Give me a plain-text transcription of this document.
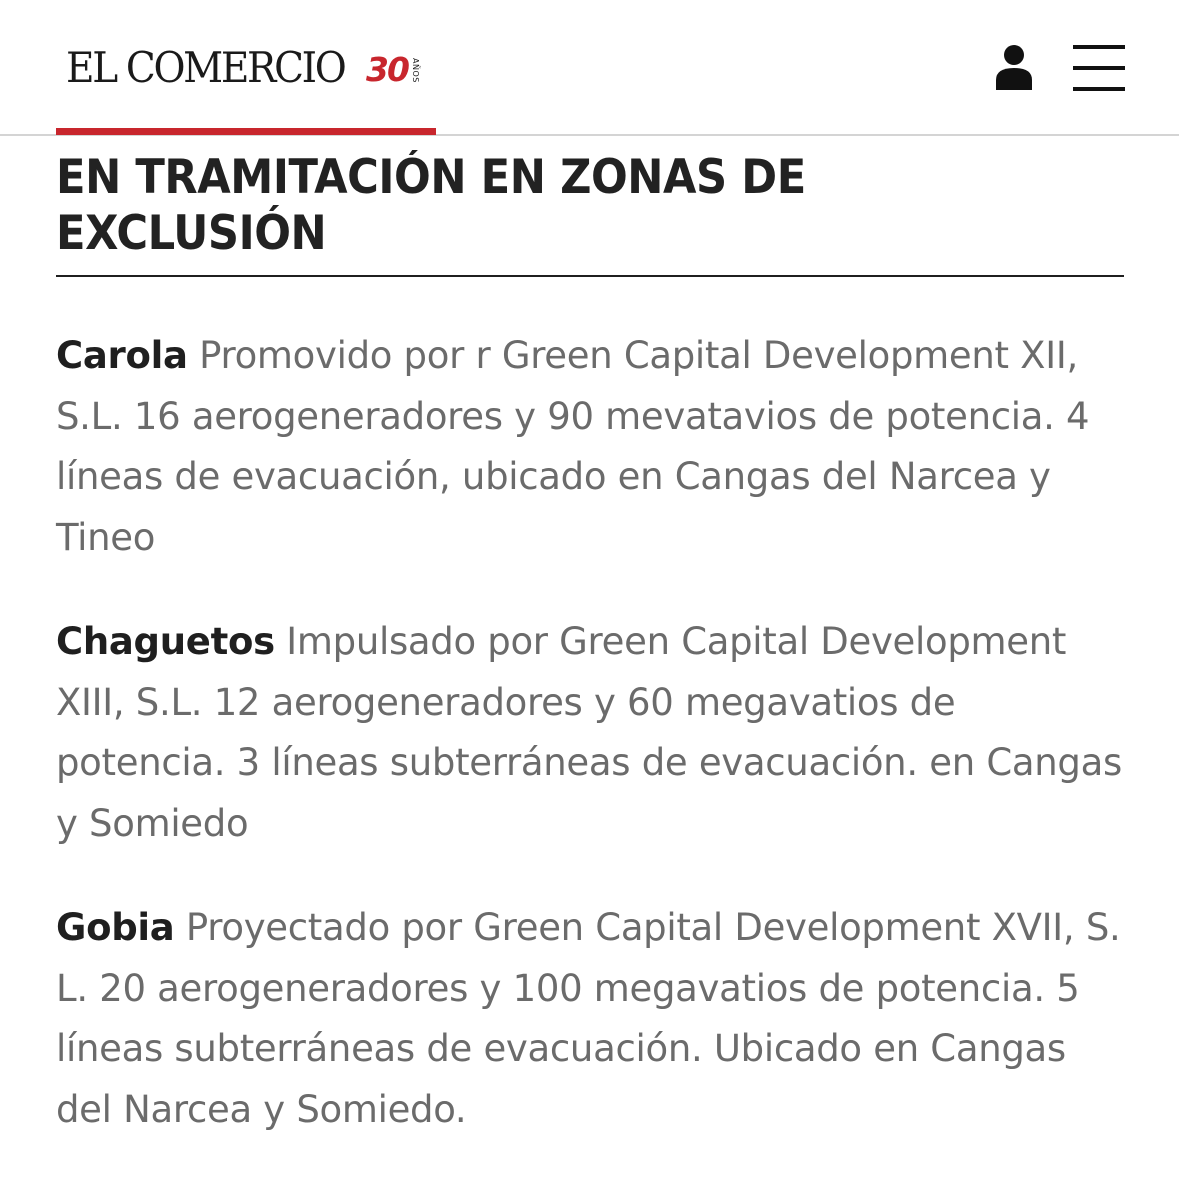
EL COMERCIO 30 AÑOS
EN TRAMITACIÓN EN ZONAS DE EXCLUSIÓN

Carola Promovido por r Green Capital Development XII, S.L. 16 aerogeneradores y 90 mevatavios de potencia. 4 líneas de evacuación, ubicado en Cangas del Narcea y Tineo

Chaguetos Impulsado por Green Capital Development XIII, S.L. 12 aerogeneradores y 60 megavatios de potencia. 3 líneas subterráneas de evacuación. en Cangas y Somiedo

Gobia Proyectado por Green Capital Development XVII, S. L. 20 aerogeneradores y 100 megavatios de potencia. 5 líneas subterráneas de evacuación. Ubicado en Cangas del Narcea y Somiedo.
